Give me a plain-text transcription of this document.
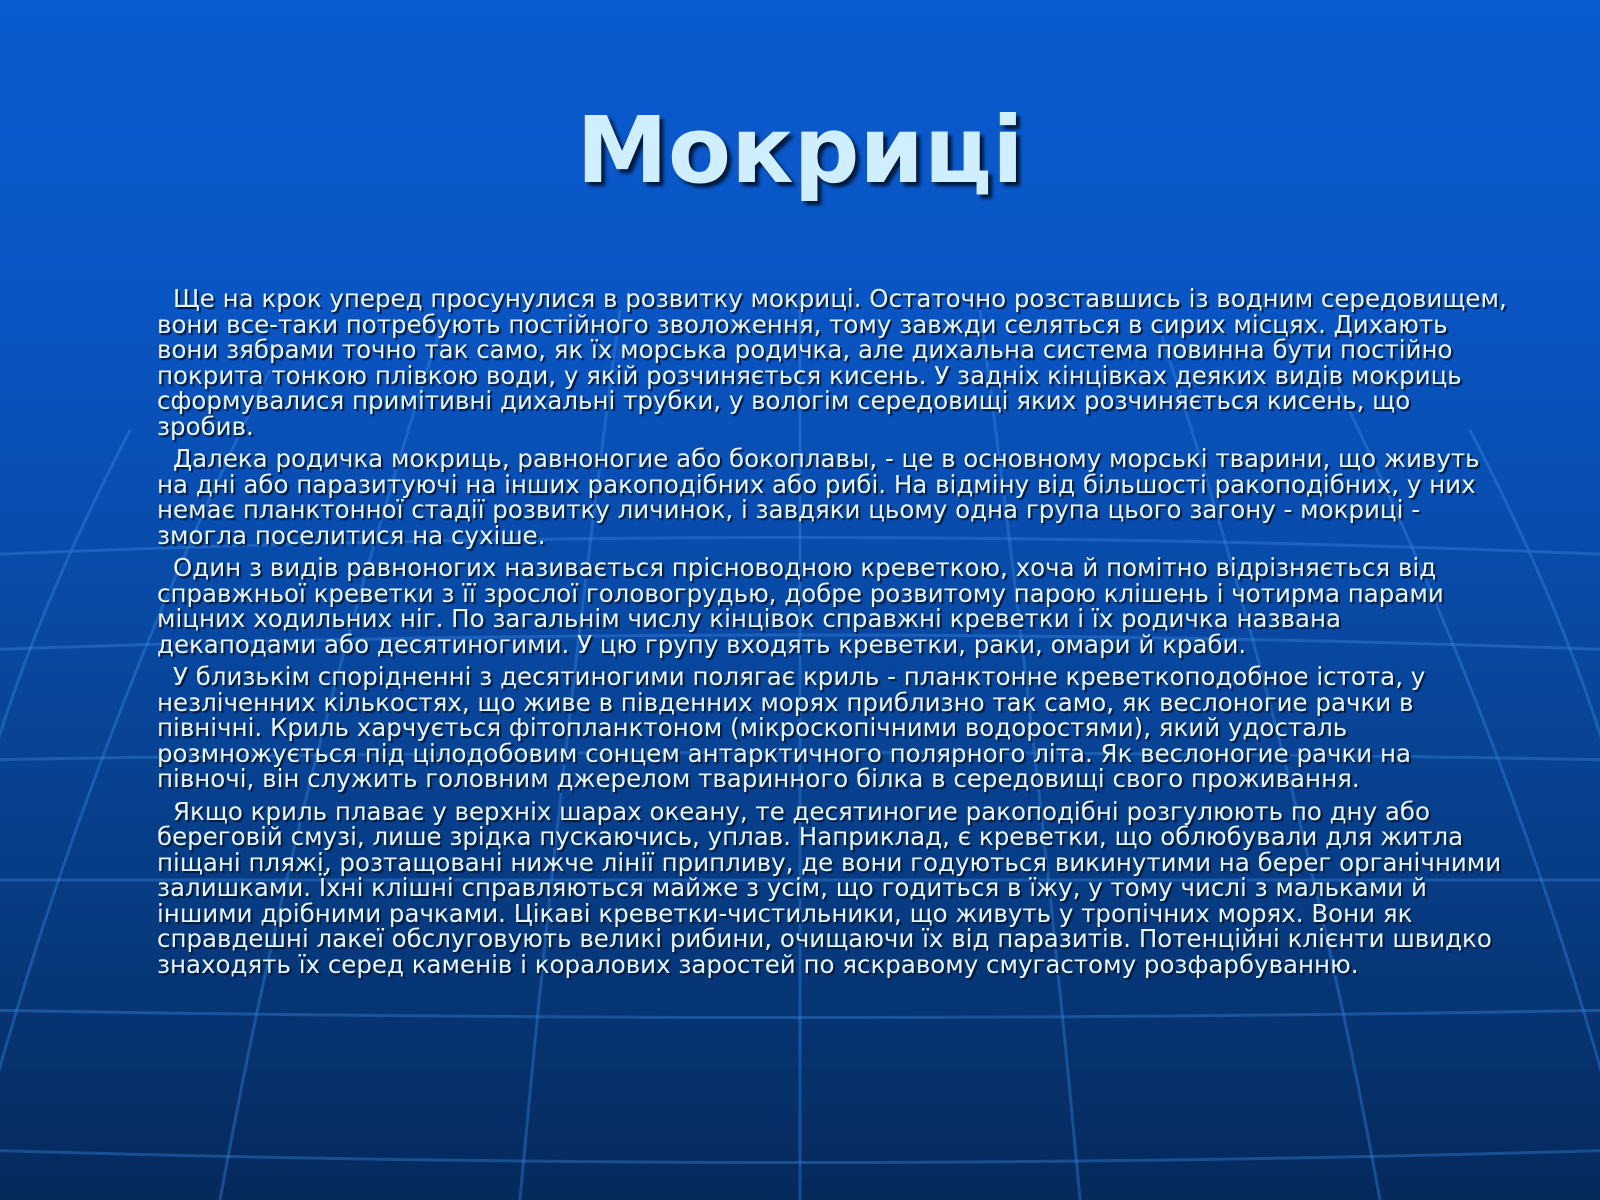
Мокриці

Ще на крок уперед просунулися в розвитку мокриці. Остаточно розставшись із водним середовищем, вони все-таки потребують постійного зволоження, тому завжди селяться в сирих місцях. Дихають вони зябрами точно так само, як їх морська родичка, але дихальна система повинна бути постійно покрита тонкою плівкою води, у якій розчиняється кисень. У задніх кінцівках деяких видів мокриць сформувалися примітивні дихальні трубки, у вологім середовищі яких розчиняється кисень, що зробив.

Далека родичка мокриць, равноногие або бокоплавы, - це в основному морські тварини, що живуть на дні або паразитуючі на інших ракоподібних або рибі. На відміну від більшості ракоподібних, у них немає планктонної стадії розвитку личинок, і завдяки цьому одна група цього загону - мокриці - змогла поселитися на сухіше.

Один з видів равноногих називається прісноводною креветкою, хоча й помітно відрізняється від справжньої креветки з її зрослої головогрудью, добре розвитому парою клішень і чотирма парами міцних ходильних ніг. По загальнім числу кінцівок справжні креветки і їх родичка названа декаподами або десятиногими. У цю групу входять креветки, раки, омари й краби.

У близькім спорідненні з десятиногими полягає криль - планктонне креветкоподобное істота, у незліченних кількостях, що живе в південних морях приблизно так само, як веслоногие рачки в північні. Криль харчується фітопланктоном (мікроскопічними водоростями), який удосталь розмножується під цілодобовим сонцем антарктичного полярного літа. Як веслоногие рачки на півночі, він служить головним джерелом тваринного білка в середовищі свого проживання.

Якщо криль плаває у верхніх шарах океану, те десятиногие ракоподібні розгулюють по дну або береговій смузі, лише зрідка пускаючись, уплав. Наприклад, є креветки, що облюбували для житла піщані пляжі, розтащовані нижче лінії припливу, де вони годуються викинутими на берег органічними залишками. Їхні клішні справляються майже з усім, що годиться в їжу, у тому числі з мальками й іншими дрібними рачками. Цікаві креветки-чистильники, що живуть у тропічних морях. Вони як справдешні лакеї обслуговують великі рибини, очищаючи їх від паразитів. Потенційні клієнти швидко знаходять їх серед каменів і коралових заростей по яскравому смугастому розфарбуванню.
